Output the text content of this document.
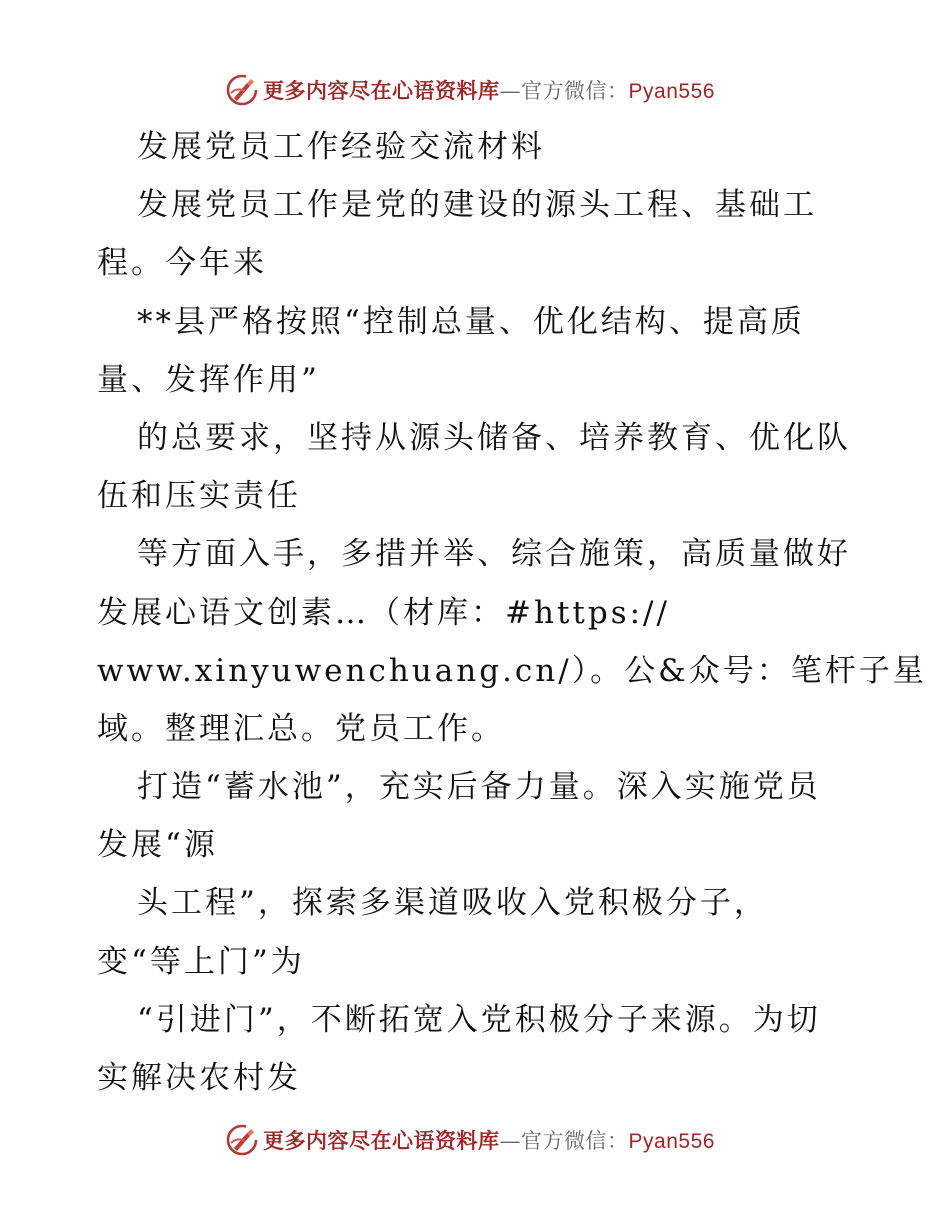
更多内容尽在心语资料库—官方微信：Pyan556
发展党员工作经验交流材料
发展党员工作是党的建设的源头工程、基础工
程。今年来
**县严格按照“控制总量、优化结构、提高质
量、发挥作用”
的总要求，坚持从源头储备、培养教育、优化队
伍和压实责任
等方面入手，多措并举、综合施策，高质量做好
发展心语文创素…（材库：#https://
www.xinyuwenchuang.cn/）。公&众号：笔杆子星
域。整理汇总。党员工作。
打造“蓄水池”，充实后备力量。深入实施党员
发展“源
头工程”，探索多渠道吸收入党积极分子，
变“等上门”为
“引进门”，不断拓宽入党积极分子来源。为切
实解决农村发
更多内容尽在心语资料库—官方微信：Pyan556
